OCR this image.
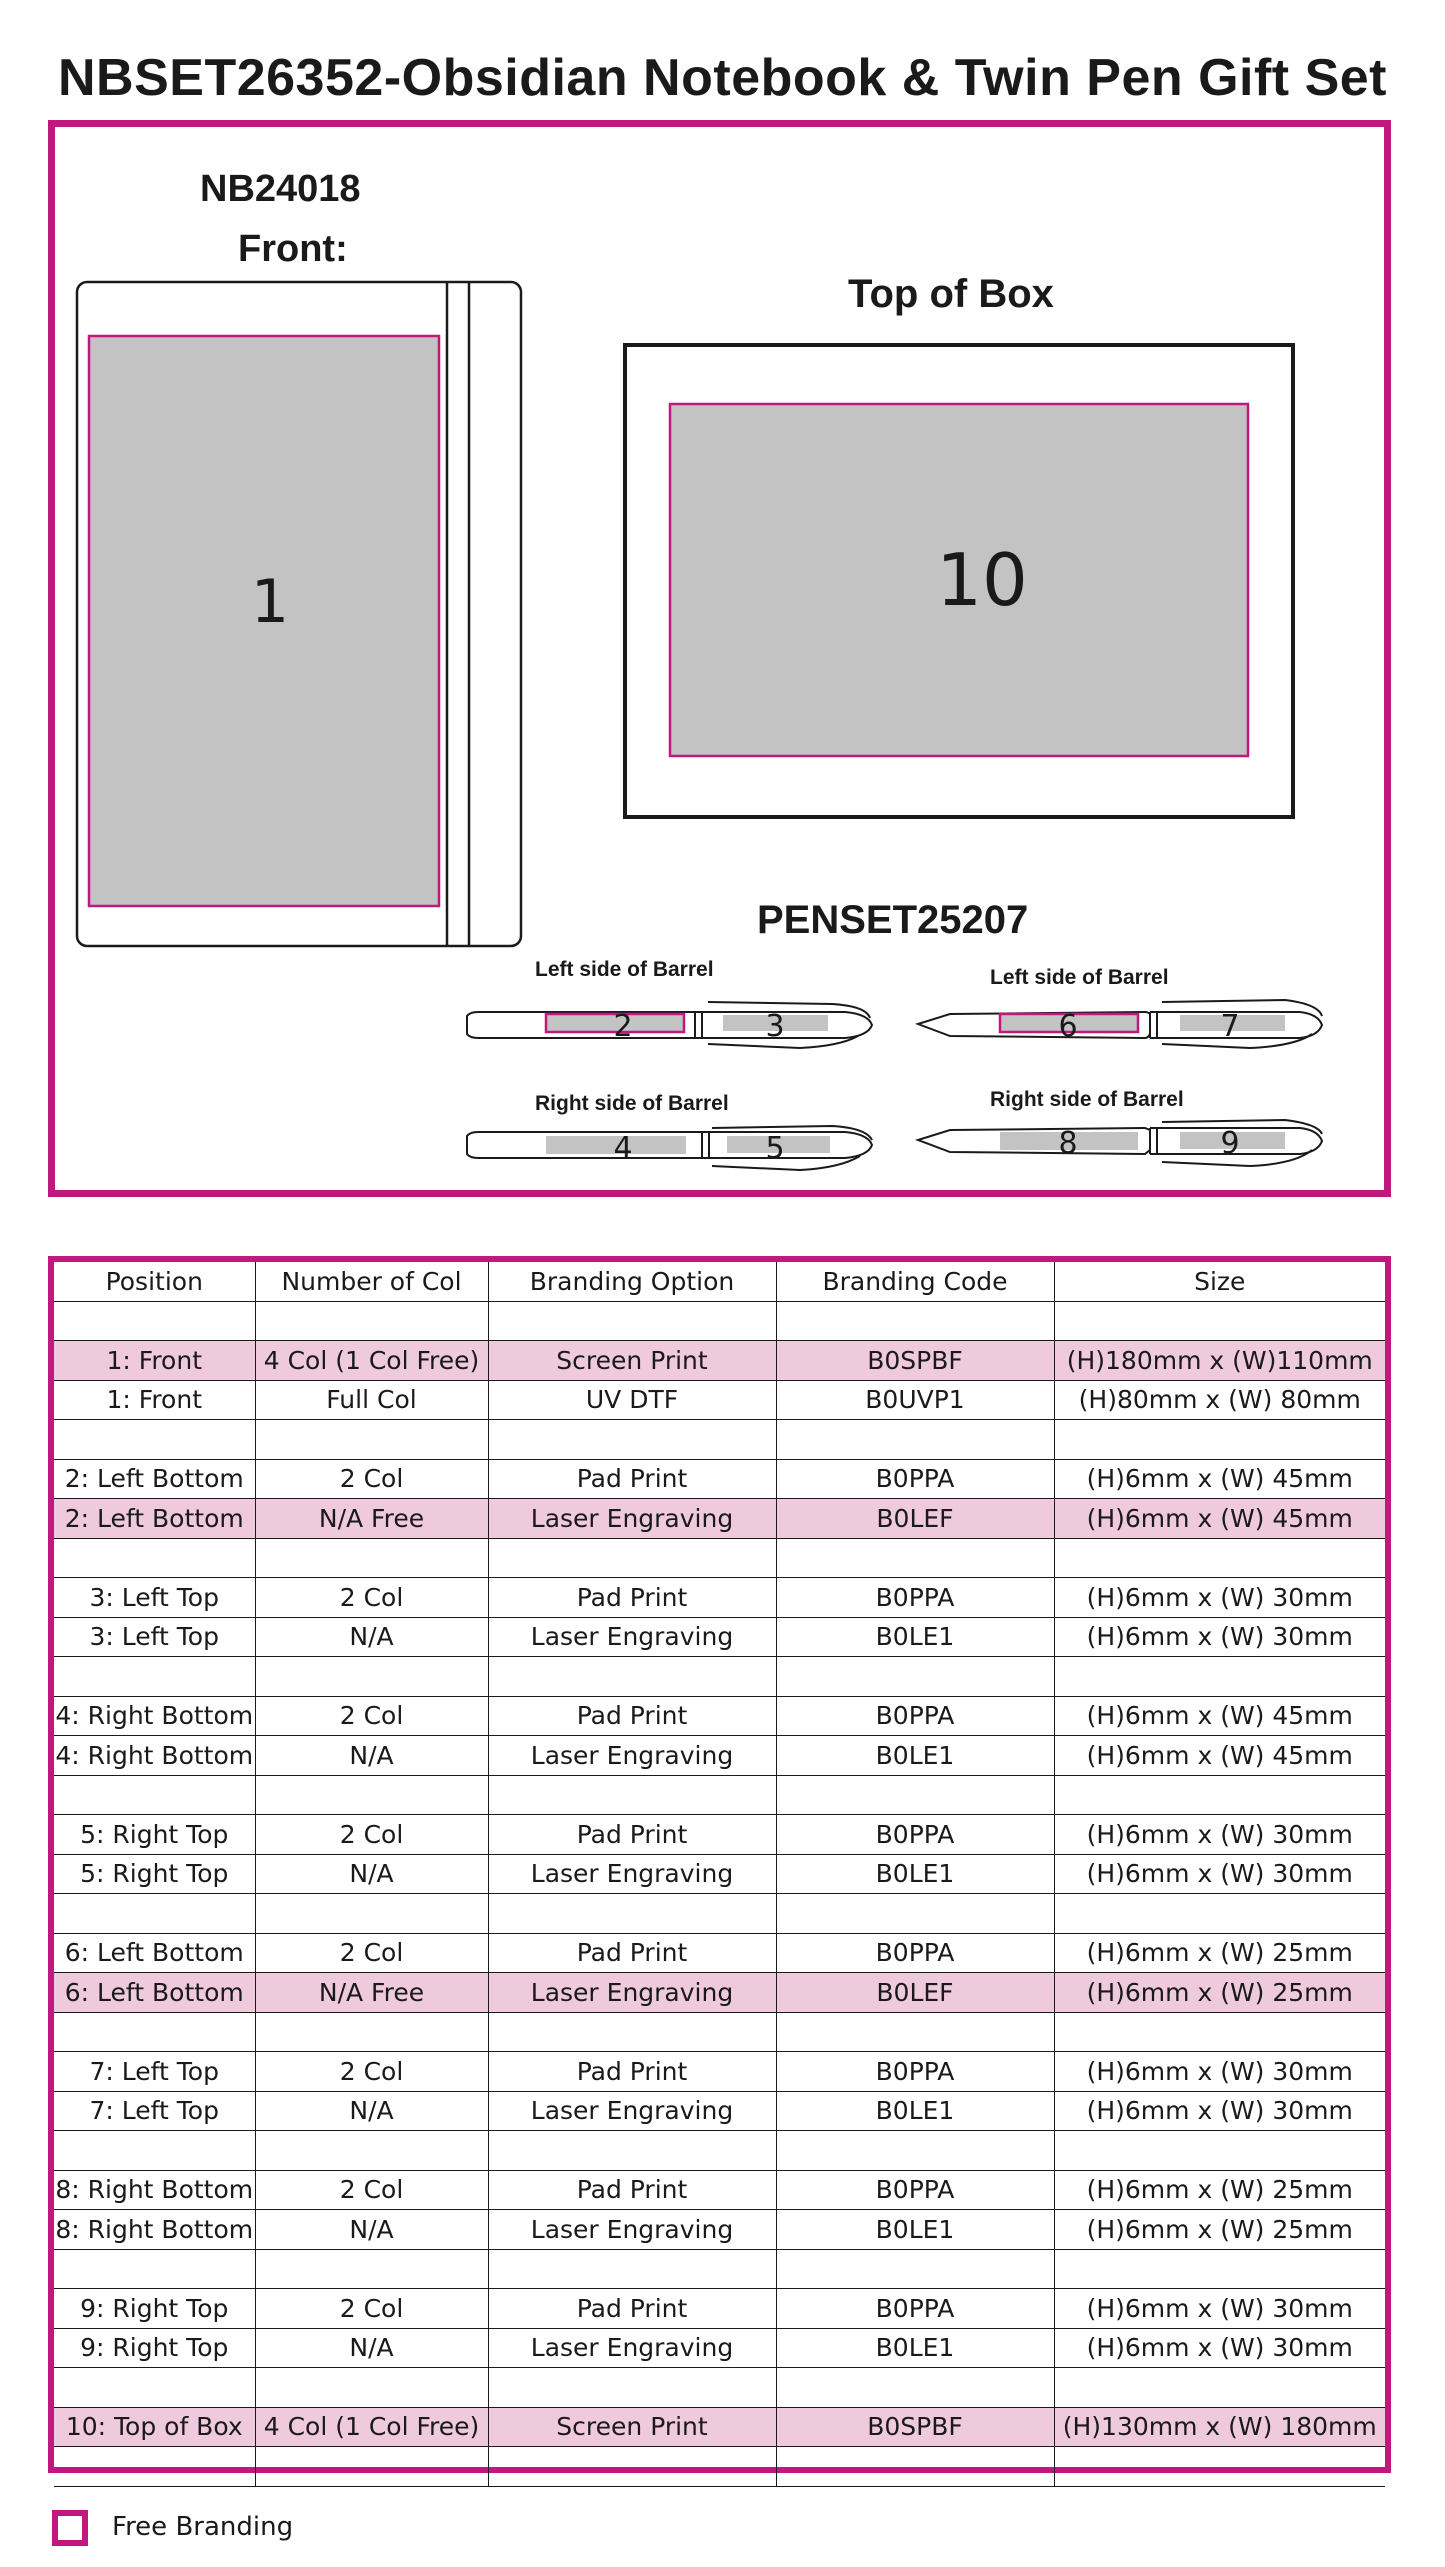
NBSET26352-Obsidian Notebook & Twin Pen Gift Set
1	10
2	3
4	5
6	7
8	9
NB24018
Front:
Top of Box
PENSET25207
Left side of Barrel
Right side of Barrel
Left side of Barrel
Right side of Barrel
Position	Number of Col	Branding Option	Branding Code	Size

1: Front	4 Col (1 Col Free)	Screen Print	B0SPBF	(H)180mm x (W)110mm
1: Front	Full Col	UV DTF	B0UVP1	(H)80mm x (W) 80mm

2: Left Bottom	2 Col	Pad Print	B0PPA	(H)6mm x (W) 45mm
2: Left Bottom	N/A Free	Laser Engraving	B0LEF	(H)6mm x (W) 45mm

3: Left Top	2 Col	Pad Print	B0PPA	(H)6mm x (W) 30mm
3: Left Top	N/A	Laser Engraving	B0LE1	(H)6mm x (W) 30mm

4: Right Bottom	2 Col	Pad Print	B0PPA	(H)6mm x (W) 45mm
4: Right Bottom	N/A	Laser Engraving	B0LE1	(H)6mm x (W) 45mm

5: Right Top	2 Col	Pad Print	B0PPA	(H)6mm x (W) 30mm
5: Right Top	N/A	Laser Engraving	B0LE1	(H)6mm x (W) 30mm

6: Left Bottom	2 Col	Pad Print	B0PPA	(H)6mm x (W) 25mm
6: Left Bottom	N/A Free	Laser Engraving	B0LEF	(H)6mm x (W) 25mm

7: Left Top	2 Col	Pad Print	B0PPA	(H)6mm x (W) 30mm
7: Left Top	N/A	Laser Engraving	B0LE1	(H)6mm x (W) 30mm

8: Right Bottom	2 Col	Pad Print	B0PPA	(H)6mm x (W) 25mm
8: Right Bottom	N/A	Laser Engraving	B0LE1	(H)6mm x (W) 25mm

9: Right Top	2 Col	Pad Print	B0PPA	(H)6mm x (W) 30mm
9: Right Top	N/A	Laser Engraving	B0LE1	(H)6mm x (W) 30mm

10: Top of Box	4 Col (1 Col Free)	Screen Print	B0SPBF	(H)130mm x (W) 180mm

Free Branding
